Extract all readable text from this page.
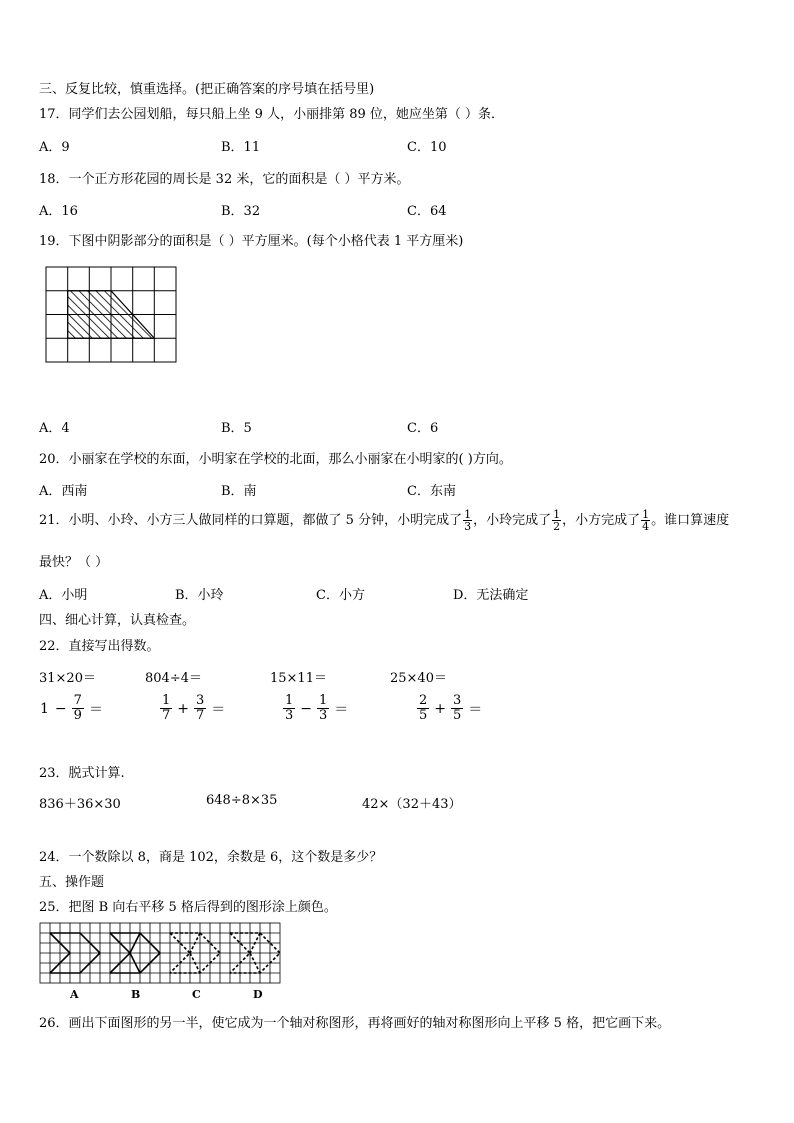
三、反复比较，慎重选择。(把正确答案的序号填在括号里)
17．同学们去公园划船，每只船上坐 9 人，小丽排第 89 位，她应坐第（ ）条．
A．9	B．11	C．10
18．一个正方形花园的周长是 32 米，它的面积是（ ）平方米。
A．16	B．32	C．64
19．下图中阴影部分的面积是（ ）平方厘米。(每个小格代表 1 平方厘米)
A．4	B．5	C．6
20．小丽家在学校的东面，小明家在学校的北面，那么小丽家在小明家的( )方向。
A．西南	B．南	C．东南
21．小明、小玲、小方三人做同样的口算题，都做了 5 分钟，小明完成了 $\frac{1}{3}$ ，小玲完成了 $\frac{1}{2}$ ，小方完成了 $\frac{1}{4}$ 。谁口算速度
最快？（ ）
A．小明	B．小玲	C．小方	D．无法确定
四、细心计算，认真检查。
22．直接写出得数。
31×20＝	804÷4＝	15×11＝	25×40＝
$1 - \frac{7}{9}$ ＝	$\frac{1}{7} + \frac{3}{7}$ ＝	$\frac{1}{3} - \frac{1}{3}$ ＝	$\frac{2}{5} + \frac{3}{5}$ ＝
23．脱式计算.
836＋36×30	648÷8×35	42×（32＋43）
24．一个数除以 8，商是 102，余数是 6，这个数是多少？
五、操作题
25．把图 B 向右平移 5 格后得到的图形涂上颜色。
A	B	C	D
26．画出下面图形的另一半，使它成为一个轴对称图形，再将画好的轴对称图形向上平移 5 格，把它画下来。
